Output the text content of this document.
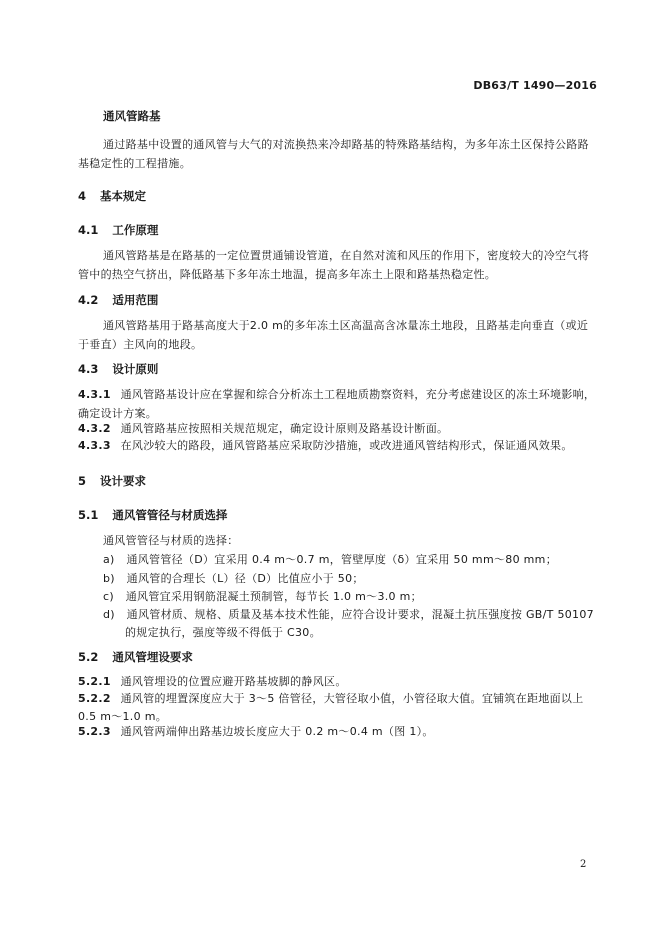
DB63/T 1490—2016
通风管路基
通过路基中设置的通风管与大气的对流换热来冷却路基的特殊路基结构，为多年冻土区保持公路路
基稳定性的工程措施。
4 基本规定
4.1 工作原理
通风管路基是在路基的一定位置贯通铺设管道，在自然对流和风压的作用下，密度较大的冷空气将
管中的热空气挤出，降低路基下多年冻土地温，提高多年冻土上限和路基热稳定性。
4.2 适用范围
通风管路基用于路基高度大于2.0 m的多年冻土区高温高含冰量冻土地段，且路基走向垂直（或近
于垂直）主风向的地段。
4.3 设计原则
4.3.1 通风管路基设计应在掌握和综合分析冻土工程地质勘察资料，充分考虑建设区的冻土环境影响，
确定设计方案。
4.3.2 通风管路基应按照相关规范规定，确定设计原则及路基设计断面。
4.3.3 在风沙较大的路段，通风管路基应采取防沙措施，或改进通风管结构形式，保证通风效果。
5 设计要求
5.1 通风管管径与材质选择
通风管管径与材质的选择：
a) 通风管管径（D）宜采用 0.4 m～0.7 m，管壁厚度（δ）宜采用 50 mm～80 mm；
b) 通风管的合理长（L）径（D）比值应小于 50；
c) 通风管宜采用钢筋混凝土预制管，每节长 1.0 m～3.0 m；
d) 通风管材质、规格、质量及基本技术性能，应符合设计要求，混凝土抗压强度按 GB/T 50107
的规定执行，强度等级不得低于 C30。
5.2 通风管埋设要求
5.2.1 通风管埋设的位置应避开路基坡脚的静风区。
5.2.2 通风管的埋置深度应大于 3～5 倍管径，大管径取小值，小管径取大值。宜铺筑在距地面以上
0.5 m～1.0 m。
5.2.3 通风管两端伸出路基边坡长度应大于 0.2 m～0.4 m（图 1）。
2
